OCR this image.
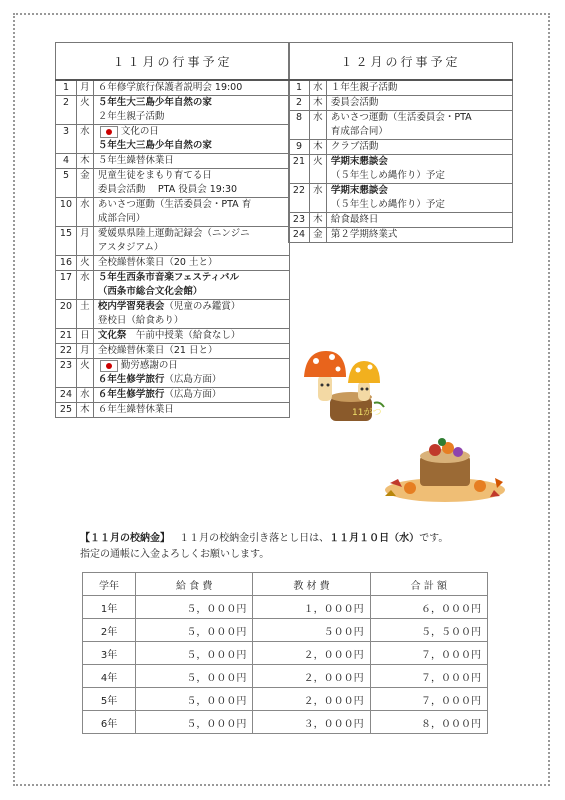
１１月の行事予定		
1	月	６年修学旅行保護者説明会 19:00

2	火	５年生大三島少年自然の家
２年生親子活動

3	水	文化の日
５年生大三島少年自然の家

4	木	５年生繰替休業日

5	金	児童生徒をまもり育てる日
委員会活動　 PTA 役員会 19:30

10	水	あいさつ運動（生活委員会・PTA 育
成部合同）

15	月	愛媛県県陸上運動記録会（ニンジニ
アスタジアム）

16	火	全校繰替休業日（20 土と）

17	水	５年生西条市音楽フェスティバル
（西条市総合文化会館）

20	土	校内学習発表会（児童のみ鑑賞）
登校日（給食あり）

21	日	文化祭　午前中授業（給食なし）

22	月	全校繰替休業日（21 日と）

23	火	勤労感謝の日
６年生修学旅行（広島方面）

24	水	６年生修学旅行（広島方面）

25	木	６年生繰替休業日
１２月の行事予定		
1	水	１年生親子活動

2	木	委員会活動

8	水	あいさつ運動（生活委員会・PTA
育成部合同）

9	木	クラブ活動

21	火	学期末懇談会
（５年生しめ縄作り）予定

22	水	学期末懇談会
（５年生しめ縄作り）予定

23	木	給食最終日

24	金	第２学期終業式
11がつ
【１１月の校納金】 １１月の校納金引き落とし日は、１１月１０日（水）です。
指定の通帳に入金よろしくお願いします。
学年	給 食 費	教 材 費	合 計 額
1年	５，０００円	１，０００円	６，０００円
2年	５，０００円	５００円	５，５００円
3年	５，０００円	２，０００円	７，０００円
4年	５，０００円	２，０００円	７，０００円
5年	５，０００円	２，０００円	７，０００円
6年	５，０００円	３，０００円	８，０００円
